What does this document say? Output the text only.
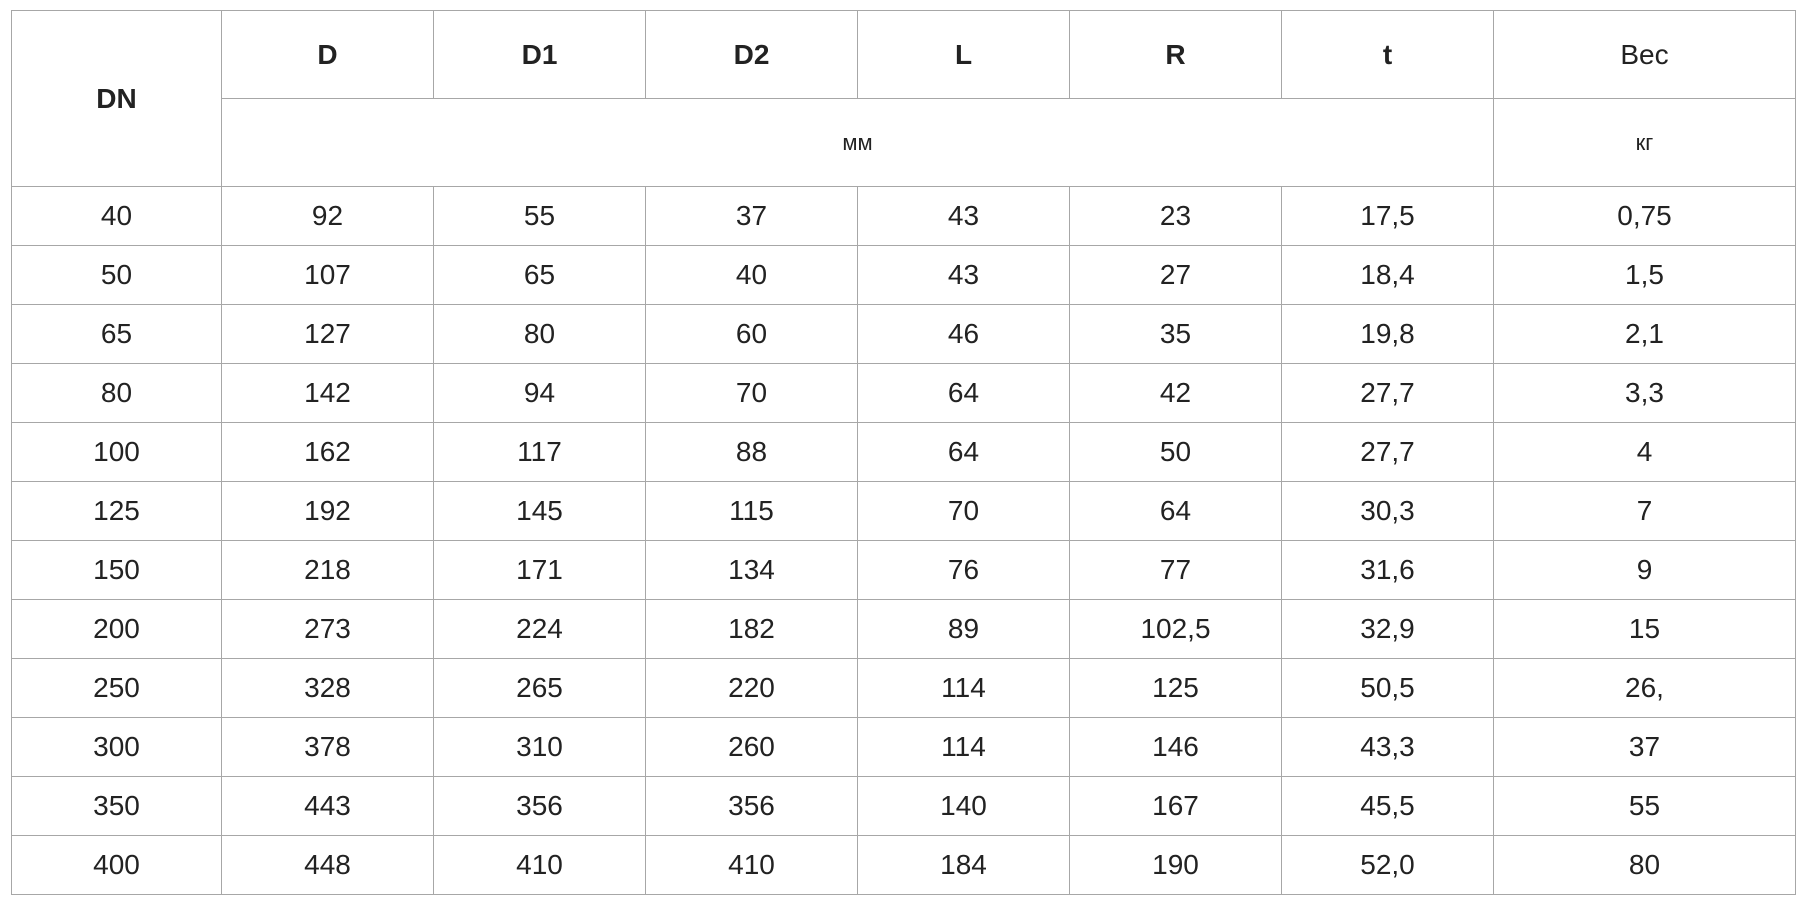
DN	D	D1	D2	L	R	t	Вес
	мм						кг
40	92	55	37	43	23	17,5	0,75
50	107	65	40	43	27	18,4	1,5
65	127	80	60	46	35	19,8	2,1
80	142	94	70	64	42	27,7	3,3
100	162	117	88	64	50	27,7	4
125	192	145	115	70	64	30,3	7
150	218	171	134	76	77	31,6	9
200	273	224	182	89	102,5	32,9	15
250	328	265	220	114	125	50,5	26,
300	378	310	260	114	146	43,3	37
350	443	356	356	140	167	45,5	55
400	448	410	410	184	190	52,0	80
